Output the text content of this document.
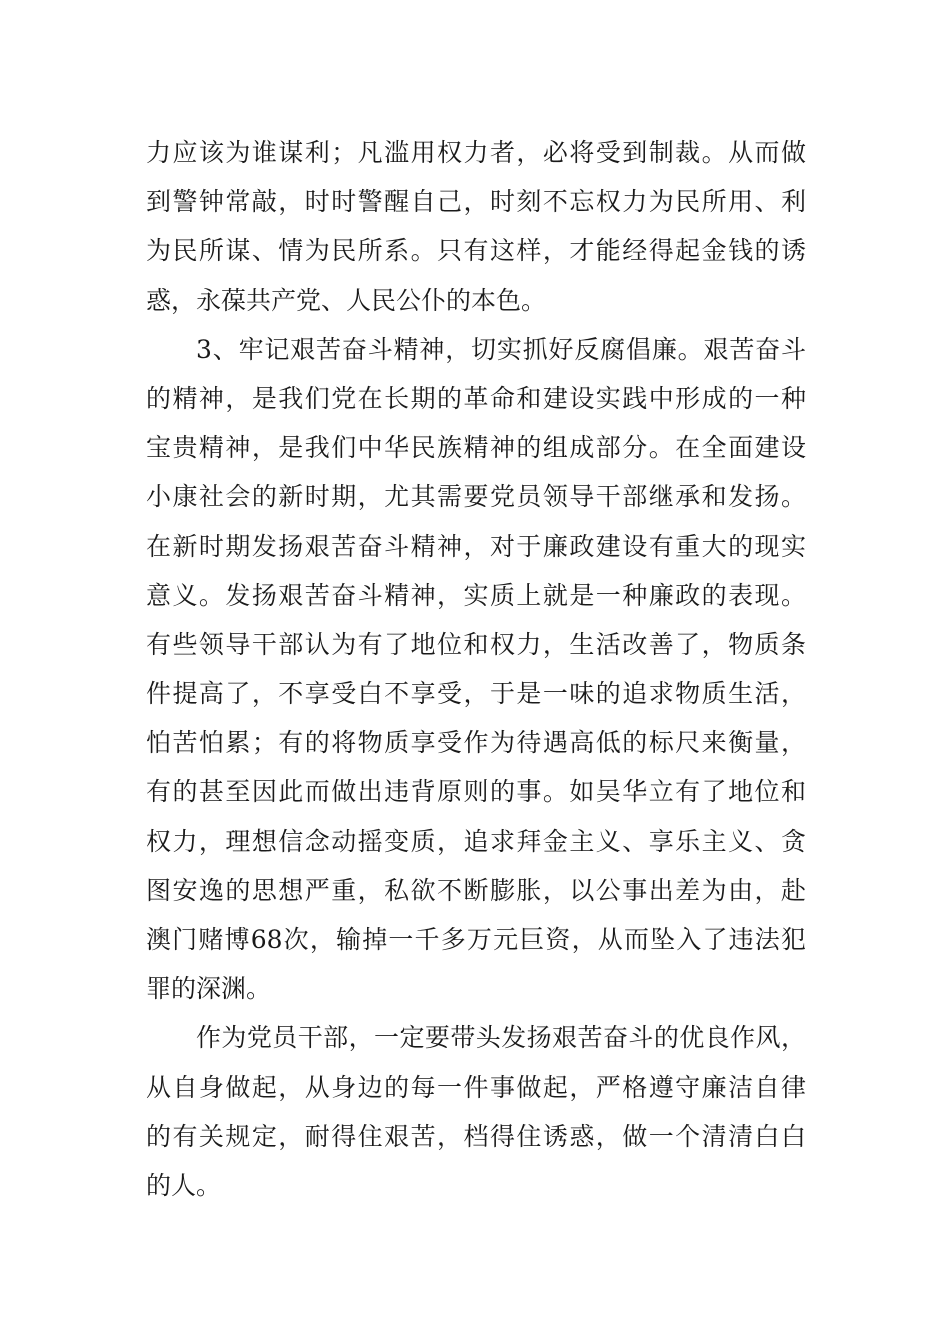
力应该为谁谋利；凡滥用权力者，必将受到制裁。从而做
到警钟常敲，时时警醒自己，时刻不忘权力为民所用、利
为民所谋、情为民所系。只有这样，才能经得起金钱的诱
惑，永葆共产党、人民公仆的本色。
3、牢记艰苦奋斗精神，切实抓好反腐倡廉。艰苦奋斗
的精神，是我们党在长期的革命和建设实践中形成的一种
宝贵精神，是我们中华民族精神的组成部分。在全面建设
小康社会的新时期，尤其需要党员领导干部继承和发扬。
在新时期发扬艰苦奋斗精神，对于廉政建设有重大的现实
意义。发扬艰苦奋斗精神，实质上就是一种廉政的表现。
有些领导干部认为有了地位和权力，生活改善了，物质条
件提高了，不享受白不享受，于是一味的追求物质生活，
怕苦怕累；有的将物质享受作为待遇高低的标尺来衡量，
有的甚至因此而做出违背原则的事。如吴华立有了地位和
权力，理想信念动摇变质，追求拜金主义、享乐主义、贪
图安逸的思想严重，私欲不断膨胀，以公事出差为由，赴
澳门赌博68次，输掉一千多万元巨资，从而坠入了违法犯
罪的深渊。
作为党员干部，一定要带头发扬艰苦奋斗的优良作风，
从自身做起，从身边的每一件事做起，严格遵守廉洁自律
的有关规定，耐得住艰苦，档得住诱惑，做一个清清白白
的人。
